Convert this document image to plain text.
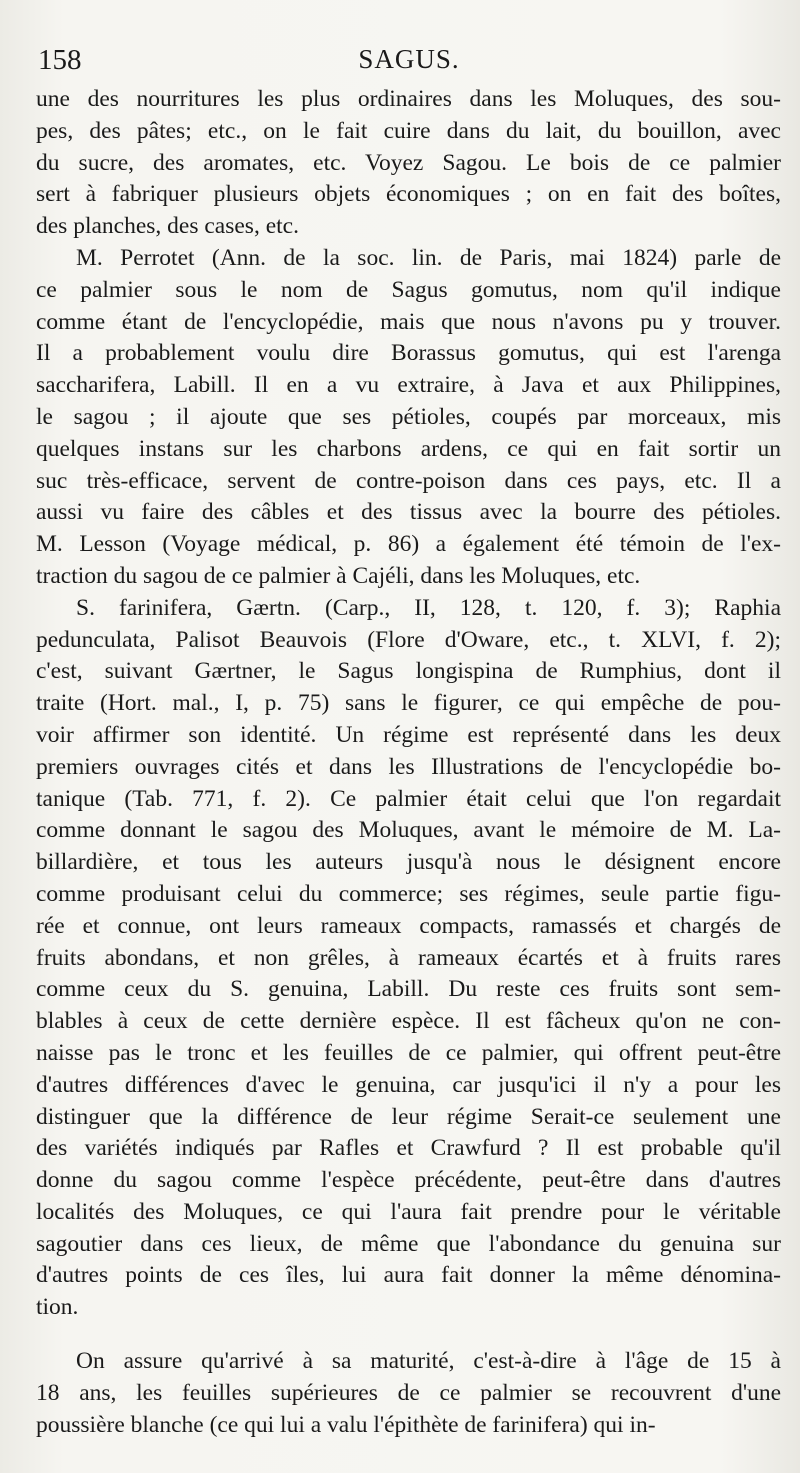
158	SAGUS.
une des nourritures les plus ordinaires dans les Moluques, des sou-
pes, des pâtes; etc., on le fait cuire dans du lait, du bouillon, avec
du sucre, des aromates, etc. Voyez Sagou. Le bois de ce palmier
sert à fabriquer plusieurs objets économiques ; on en fait des boîtes,
des planches, des cases, etc.
M. Perrotet (Ann. de la soc. lin. de Paris, mai 1824) parle de
ce palmier sous le nom de Sagus gomutus, nom qu'il indique
comme étant de l'encyclopédie, mais que nous n'avons pu y trouver.
Il a probablement voulu dire Borassus gomutus, qui est l'arenga
saccharifera, Labill. Il en a vu extraire, à Java et aux Philippines,
le sagou ; il ajoute que ses pétioles, coupés par morceaux, mis
quelques instans sur les charbons ardens, ce qui en fait sortir un
suc très-efficace, servent de contre-poison dans ces pays, etc. Il a
aussi vu faire des câbles et des tissus avec la bourre des pétioles.
M. Lesson (Voyage médical, p. 86) a également été témoin de l'ex-
traction du sagou de ce palmier à Cajéli, dans les Moluques, etc.
S. farinifera, Gærtn. (Carp., II, 128, t. 120, f. 3); Raphia
pedunculata, Palisot Beauvois (Flore d'Oware, etc., t. XLVI, f. 2);
c'est, suivant Gærtner, le Sagus longispina de Rumphius, dont il
traite (Hort. mal., I, p. 75) sans le figurer, ce qui empêche de pou-
voir affirmer son identité. Un régime est représenté dans les deux
premiers ouvrages cités et dans les Illustrations de l'encyclopédie bo-
tanique (Tab. 771, f. 2). Ce palmier était celui que l'on regardait
comme donnant le sagou des Moluques, avant le mémoire de M. La-
billardière, et tous les auteurs jusqu'à nous le désignent encore
comme produisant celui du commerce; ses régimes, seule partie figu-
rée et connue, ont leurs rameaux compacts, ramassés et chargés de
fruits abondans, et non grêles, à rameaux écartés et à fruits rares
comme ceux du S. genuina, Labill. Du reste ces fruits sont sem-
blables à ceux de cette dernière espèce. Il est fâcheux qu'on ne con-
naisse pas le tronc et les feuilles de ce palmier, qui offrent peut-être
d'autres différences d'avec le genuina, car jusqu'ici il n'y a pour les
distinguer que la différence de leur régime Serait-ce seulement une
des variétés indiqués par Rafles et Crawfurd ? Il est probable qu'il
donne du sagou comme l'espèce précédente, peut-être dans d'autres
localités des Moluques, ce qui l'aura fait prendre pour le véritable
sagoutier dans ces lieux, de même que l'abondance du genuina sur
d'autres points de ces îles, lui aura fait donner la même dénomina-
tion.
On assure qu'arrivé à sa maturité, c'est-à-dire à l'âge de 15 à
18 ans, les feuilles supérieures de ce palmier se recouvrent d'une
poussière blanche (ce qui lui a valu l'épithète de farinifera) qui in-
